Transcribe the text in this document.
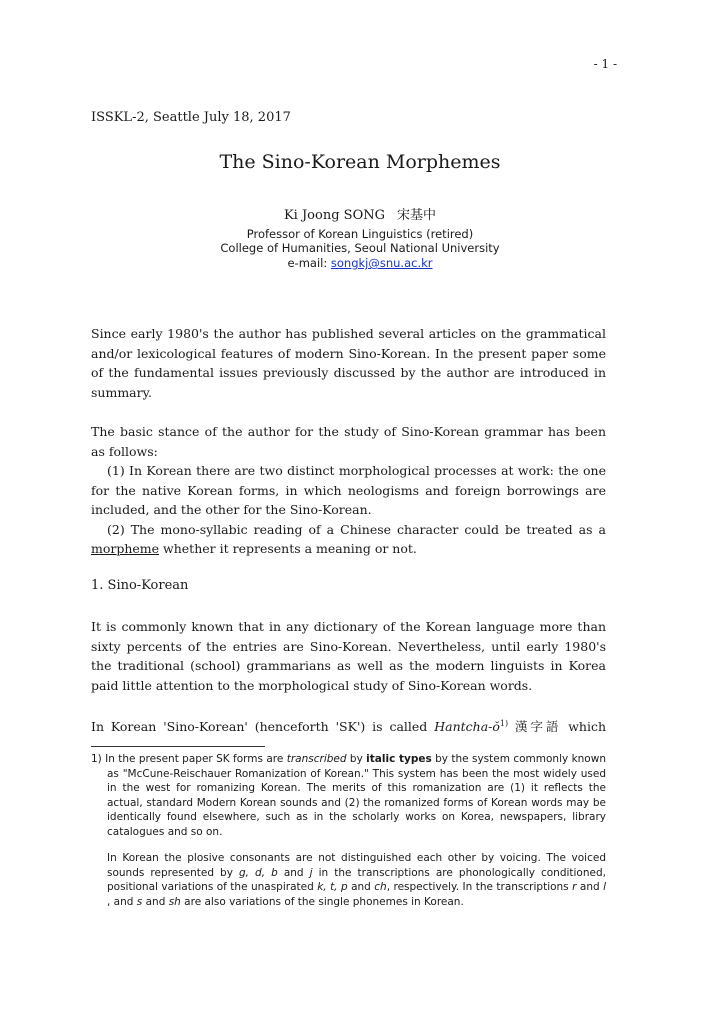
- 1 -
ISSKL-2, Seattle July 18, 2017
The Sino-Korean Morphemes
Ki Joong SONG 宋基中
Professor of Korean Linguistics (retired)
College of Humanities, Seoul National University
e-mail: songkj@snu.ac.kr
Since early 1980's the author has published several articles on the grammatical and/or lexicological features of modern Sino-Korean. In the present paper some of the fundamental issues previously discussed by the author are introduced in summary.
The basic stance of the author for the study of Sino-Korean grammar has been as follows:
(1) In Korean there are two distinct morphological processes at work: the one for the native Korean forms, in which neologisms and foreign borrowings are included, and the other for the Sino-Korean.
(2) The mono-syllabic reading of a Chinese character could be treated as a morpheme whether it represents a meaning or not.
1. Sino-Korean
It is commonly known that in any dictionary of the Korean language more than sixty percents of the entries are Sino-Korean. Nevertheless, until early 1980's the traditional (school) grammarians as well as the modern linguists in Korea paid little attention to the morphological study of Sino-Korean words.
In Korean 'Sino-Korean' (henceforth 'SK') is called Hantcha-$ŏ^{1)}$ 漢字語 which
1) In the present paper SK forms are transcribed by italic types by the system commonly known as "McCune-Reischauer Romanization of Korean." This system has been the most widely used in the west for romanizing Korean. The merits of this romanization are (1) it reflects the actual, standard Modern Korean sounds and (2) the romanized forms of Korean words may be identically found elsewhere, such as in the scholarly works on Korea, newspapers, library catalogues and so on.
In Korean the plosive consonants are not distinguished each other by voicing. The voiced sounds represented by g, d, b and j in the transcriptions are phonologically conditioned, positional variations of the unaspirated k, t, p and ch, respectively. In the transcriptions r and l , and s and sh are also variations of the single phonemes in Korean.
